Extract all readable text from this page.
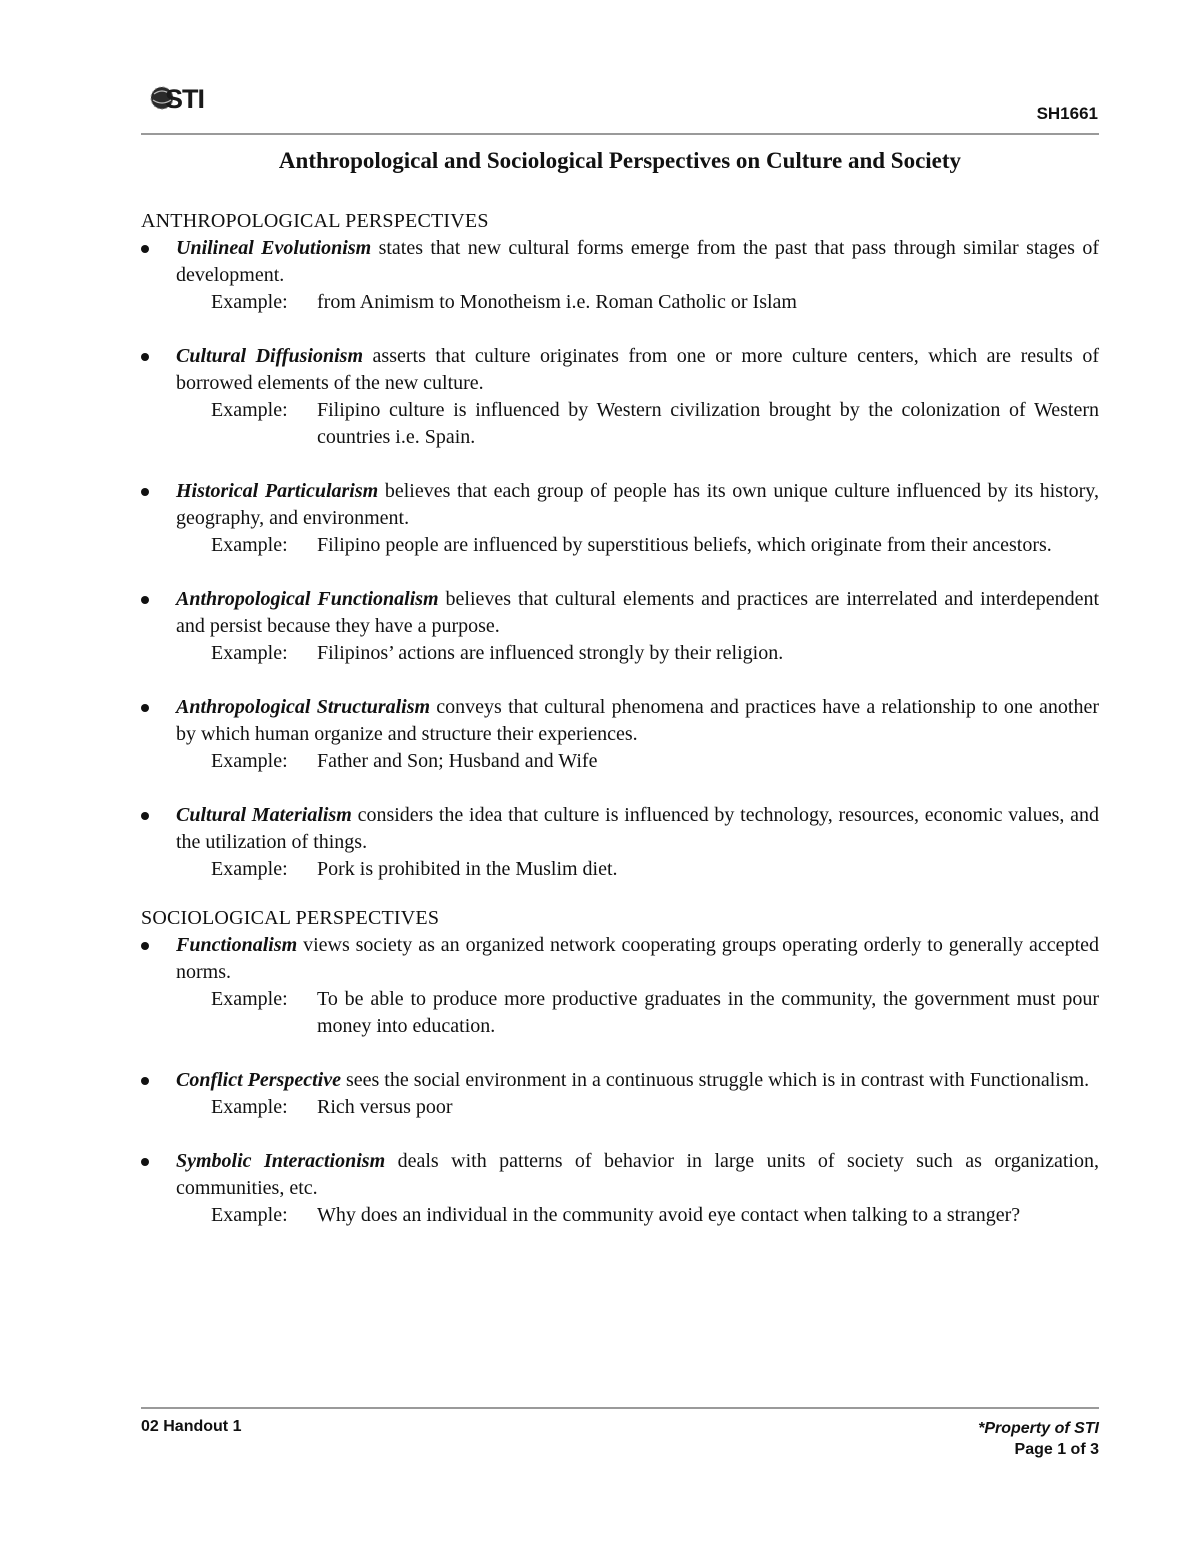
STI	SH1661
Anthropological and Sociological Perspectives on Culture and Society
ANTHROPOLOGICAL PERSPECTIVES
Unilineal Evolutionism states that new cultural forms emerge from the past that pass through similar stages of development.
Example:	from Animism to Monotheism i.e. Roman Catholic or Islam
Cultural Diffusionism asserts that culture originates from one or more culture centers, which are results of borrowed elements of the new culture.
Example:	Filipino culture is influenced by Western civilization brought by the colonization of Western countries i.e. Spain.
Historical Particularism believes that each group of people has its own unique culture influenced by its history, geography, and environment.
Example:	Filipino people are influenced by superstitious beliefs, which originate from their ancestors.
Anthropological Functionalism believes that cultural elements and practices are interrelated and interdependent and persist because they have a purpose.
Example:	Filipinos’ actions are influenced strongly by their religion.
Anthropological Structuralism conveys that cultural phenomena and practices have a relationship to one another by which human organize and structure their experiences.
Example:	Father and Son; Husband and Wife
Cultural Materialism considers the idea that culture is influenced by technology, resources, economic values, and the utilization of things.
Example:	Pork is prohibited in the Muslim diet.
SOCIOLOGICAL PERSPECTIVES
Functionalism views society as an organized network cooperating groups operating orderly to generally accepted norms.
Example:	To be able to produce more productive graduates in the community, the government must pour money into education.
Conflict Perspective sees the social environment in a continuous struggle which is in contrast with Functionalism.
Example:	Rich versus poor
Symbolic Interactionism deals with patterns of behavior in large units of society such as organization, communities, etc.
Example:	Why does an individual in the community avoid eye contact when talking to a stranger?
02 Handout 1	*Property of STI
Page 1 of 3
